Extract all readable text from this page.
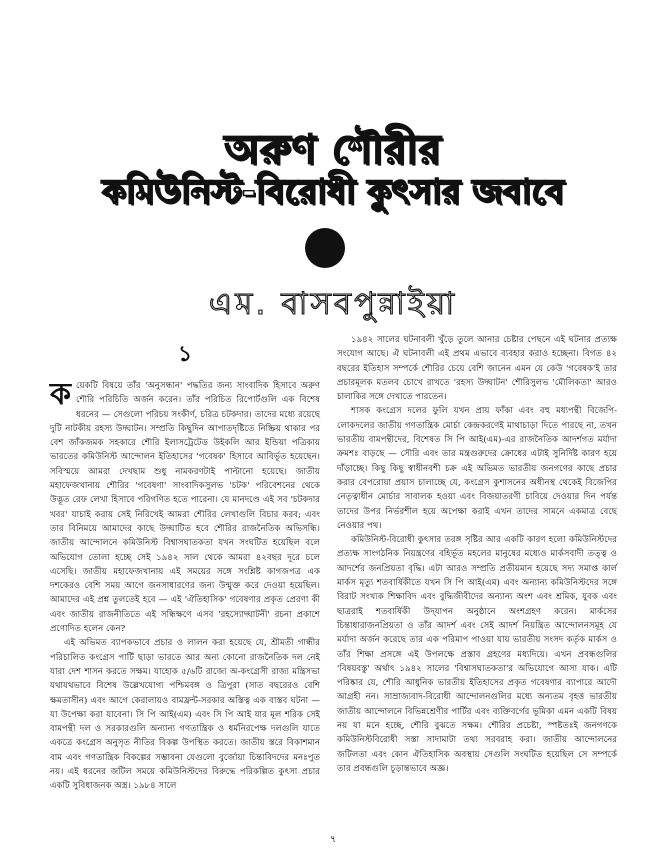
অরুণ শৌরীর
কমিউনিস্ট-বিরোধী কুৎসার জবাবে
এম. বাসবপুন্নাইয়া
১

কয়েকটি বিষয়ে তাঁর 'অনুসন্ধান' পদ্ধতির জন্য সাংবাদিক হিসাবে অরুণ শৌরি পরিচিতি অর্জন করেন। তাঁর পরিচিত রিপোর্টগুলি এক বিশেষ ধরনের — সেগুলো পরিচয় সংকীর্ণ, চরিত্র চটকদার। তাদের মধ্যে রয়েছে দুটি নাটকীয় রহস্য উদ্ঘাটন। সম্প্রতি কিছুদিন আপাতদৃষ্টিতে নিষ্ক্রিয় থাকার পর বেশ জাঁকজমক সহকারে শৌরি ইলাসট্রেটেড উইকলি আর ইন্ডিয়া পত্রিকায় ভারতের কমিউনিস্ট আন্দোলন ইতিহাসের 'গবেষক' হিসাবে আবির্ভূত হয়েছেন। সবিস্ময়ে আমরা দেখছাম শুধু নামকরণটাই পাল্টানো হয়েছে। জাতীয় মহাফেজখানায় শৌরির 'গবেষণা' সাংবাদিকসুলভ 'চটক' পরিবেশনের থেকে উদ্ভূত রেফ লেখা হিসাবে পরিগণিত হতে পারেনা। যে মানদণ্ডে এই সব 'চটকদার খবর' যাচাই করায় সেই নিরিখেই আমরা শৌরির লেখাগুলি বিচার করব; এবং তার বিনিময়ে আমাদের কাছে উদ্ঘাটিত হবে শৌরির রাজনৈতিক অভিসন্ধি। জাতীয় আন্দোলনে কমিউনিস্ট বিশ্বাসঘাতকতা যখন সংঘটিত হয়েছিল বলে অভিযোগ তোলা হচ্ছে সেই ১৯৪২ সাল থেকে আমরা ৪২বছর দূরে চলে এসেছি। জাতীয় মহাফেজখানায় এই সময়ের সঙ্গে সংশ্লিষ্ট কাগজপত্র এক দশকেরও বেশি সময় আগে জনসাধারণের জন্য উন্মুক্ত করে দেওয়া হয়েছিল। আমাদের এই প্রশ্ন তুলতেই হবে — এই 'ঐতিহাসিক' গবেষণার প্রকৃত প্রেরণা কী এবং জাতীয় রাজনীতিতে এই সন্ধিক্ষণে এসব 'রহস্যোদ্ঘাটনী' রচনা প্রকাশে প্রণোদিত হলেন কেন?

এই অভিমত ব্যাপকভাবে প্রচার ও লালন করা হয়েছে যে, শ্রীমতী গান্ধীর পরিচালিত কংগ্রেস পার্টি ছাড়া ভারতে আর অন্য কোনো রাজনৈতিক দল নেই যারা দেশ শাসন করতে সক্ষম। যাহোক ৫/৬টি রাজ্যে অ-কংগ্রেসী রাজ্য মন্ত্রিসভা যথাযথভাবে বিশেষ উল্লেখযোগ্য পশ্চিমবঙ্গ ও ত্রিপুরা (সাত বছরেরও বেশি ক্ষমতাসীন) এবং আগে কেরালায়ও বামফ্রন্ট-সরকার অস্তিত্ব এক বাস্তব ঘটনা — যা উপেক্ষা করা যাবেনা। সি পি আই(এম) এবং সি পি আই যার মূল শরিক সেই বামপন্থী দল ও সরকারগুলি অন্যান্য গণতান্ত্রিক ও ধর্মনিরপেক্ষ দলগুলি যাতে একত্রে কংগ্রেস অনুসৃত নীতির বিকল্প উপস্থিত করতে। জাতীয় স্তরে বিকাশমান বাম এবং গণতান্ত্রিক বিকল্পের সম্ভাবনা যেগুলো বুর্জোয়া চিন্তাবিদদের মনঃপুত নয়। এই ধরনের জটিল সময়ে কমিউনিস্টদের বিরুদ্ধে পরিকল্পিত কুৎসা প্রচার একটি সুবিধাজনক অস্ত্র। ১৯৮৪ সালে

১৯৪২ সালের ঘটনাবলী খুঁড়ে তুলে আনার চেষ্টার পেছনে এই ঘটনার প্রত্যক্ষ সংযোগ আছে। ঐ ঘটনাবলী এই প্রথম এভাবে ব্যবহার করাও হচ্ছেনা। বিগত ৪২ বছরের ইতিহাস সম্পর্কে শৌরির চেয়ে বেশি জানেন এমন যে কেউ 'গবেষক'ই তার প্রচারমূলক মতলব চোখে রাখতে 'রহস্য উদ্ঘাটন' শৌরিসুলভ 'মৌলিকতা' আরও চালাকির সঙ্গে দেখাতে পারতেন।

শাসক কংগ্রেস দলের ফুলি যখন প্রায় ফাঁকা এবং বহু মধ্যপন্থী বিজেপি-লোকদলের জাতীয় গণতান্ত্রিক মোর্চা কেন্দ্রকরণেই মাথাচাড়া দিতে পারছে না, তখন ভারতীয় বামপন্থীদের, বিশেষত সি পি আই(এম)-এর রাজনৈতিক আদর্শগত মর্যাদা ক্রমশঃ বাড়ছে — সৌরি এবং তার মন্ত্রগুরুদের ক্রোধের এটাই সুনির্দিষ্ট কারণ হয়ে দাঁড়াচ্ছে। কিছু কিছু স্বাধীনবশী চক্র এই অভিমত ভারতীয় জনগণের কাছে প্রচার করার বেপরোয়া প্রয়াস চালাচ্ছে যে, কংগ্রেস কুশাসনের অধীনস্থ থেকেই বিজেপির নেতৃত্বাধীন মোর্চার সাবালক হওয়া এবং বিজয়াতরণী চাবিয়ে দেওয়ার দিন পর্যন্ত তাদের উপর নির্ভরশীল হয়ে অপেক্ষা করাই এখন তাদের সামনে একমাত্র বেছে নেওয়ার পথ।

কমিউনিস্ট-বিরোধী কুৎসার তরঙ্গ সৃষ্টির আর একটি কারণ হলো কমিউনিস্টদের প্রত্যক্ষ সাংগঠনিক নিয়ন্ত্রণের বহির্ভূত মহলের মানুষের মধ্যেও মার্কসবাদী তত্ত্ব ও আদর্শের জনপ্রিয়তা বৃদ্ধি। এটা আরও সম্প্রতি প্রতীয়মান হয়েছে সদ্য সমাপ্ত কার্ল মার্কস মৃত্যু শতবার্ষিকীতে যখন সি পি আই(এম) এবং অন্যান্য কমিউনিস্টদের সঙ্গে বিরাট সংখ্যক শিক্ষাবিদ এবং বুদ্ধিজীবীদের অন্যান্য অংশ এবং শ্রমিক, যুবক এবং ছাত্ররাই শতবার্ষিকী উদ্‌যাপন অনুষ্ঠানে অংশগ্রহণ করেন। মার্কসের চিন্তাধারাজনপ্রিয়তা ও তাঁর আদর্শ এবং সেই আদর্শ নিয়ন্ত্রিত আন্দোলনসমূহ যে মর্যাদা অর্জন করেছে তার এক পরিমাপ পাওয়া যায় ভারতীয় সংসদ কর্তৃক মার্কস ও তাঁর শিক্ষা প্রসঙ্গে এই উপলক্ষে প্রস্তাব গ্রহণের মধ্যদিয়ে। এখন প্রবন্ধগুলির 'বিষয়বস্তু' অর্থাৎ ১৯৪২ সালের 'বিশ্বাসঘাতকতা'র অভিযোগে আসা যাক। এটি পরিষ্কার যে, শৌরি আধুনিক ভারতীয় ইতিহাসের প্রকৃত গবেষণার ব্যাপারে আদৌ আগ্রহী নন। সাম্রাজ্যবাদ-বিরোধী আন্দোলনগুলির মধ্যে অন্যতম বৃহত্ত ভারতীয় জাতীয় আন্দোলনে বিভিন্নশ্রেণীর পার্টির এবং ব্যক্তিবর্গের ভূমিকা এমন একটি বিষয় নয় যা মনে হচ্ছে, শৌরি বুঝতে সক্ষম। শৌরির প্রচেষ্টা, স্পষ্টতঃই জনগণকে কমিউনিস্টবিরোধী সস্তা সাদামাটা তথ্য সরবরাহ করা। জাতীয় আন্দোলনের জটিলতা এবং কোন ঐতিহাসিক অবস্থায় সেগুলি সংঘটিত হয়েছিল সে সম্পর্কে তার প্রবন্ধগুলি চূড়ান্তভাবে অজ্ঞ।

৭
